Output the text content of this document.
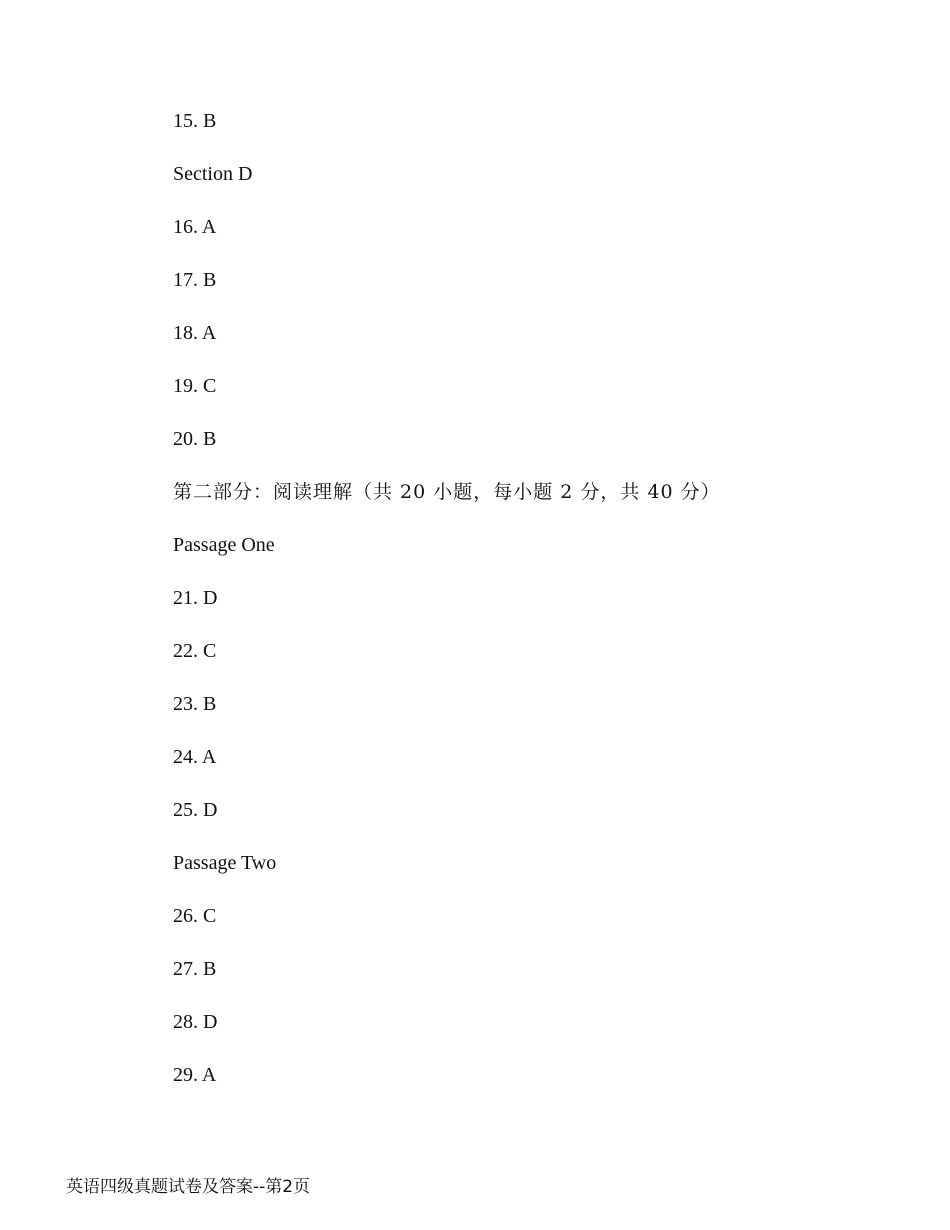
15. B
Section D
16. A
17. B
18. A
19. C
20. B
第二部分：阅读理解（共 20 小题，每小题 2 分，共 40 分）
Passage One
21. D
22. C
23. B
24. A
25. D
Passage Two
26. C
27. B
28. D
29. A
英语四级真题试卷及答案--第2页
